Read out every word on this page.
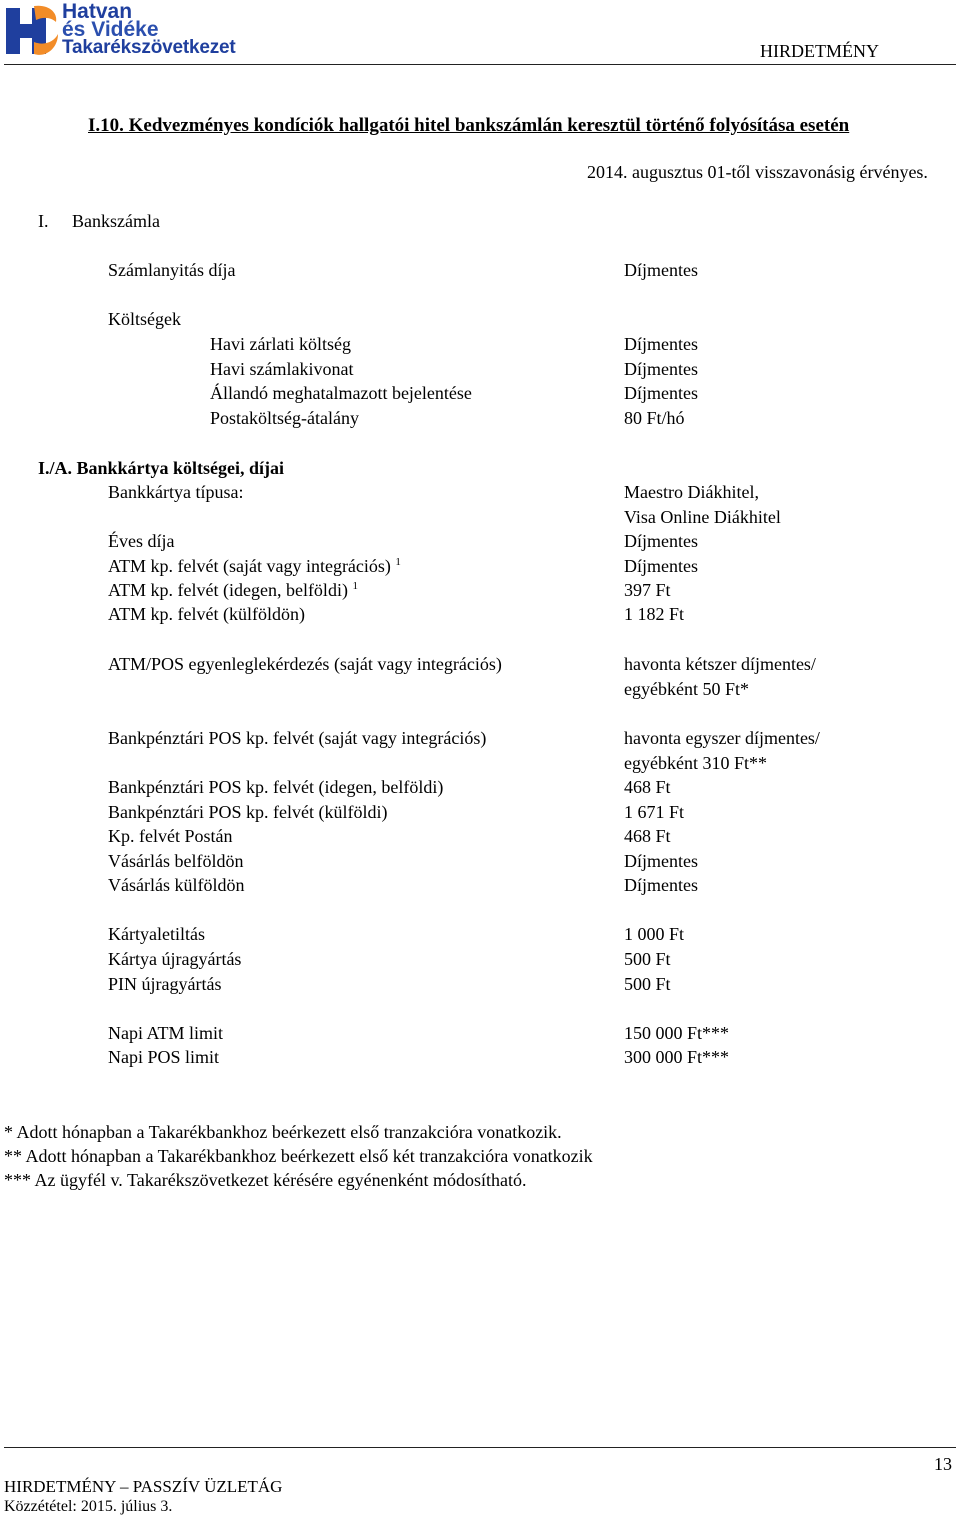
Hatvan
és Vidéke
Takarékszövetkezet	HIRDETMÉNY
I.10. Kedvezményes kondíciók hallgatói hitel bankszámlán keresztül történő folyósítása esetén
2014. augusztus 01-től visszavonásig érvényes.
I. Bankszámla
Számlanyitás díja	Díjmentes
Költségek
Havi zárlati költség	Díjmentes
Havi számlakivonat	Díjmentes
Állandó meghatalmazott bejelentése	Díjmentes
Postaköltség-átalány	80 Ft/hó
I./A. Bankkártya költségei, díjai
Bankkártya típusa:	Maestro Diákhitel,
Visa Online Diákhitel
Éves díja	Díjmentes
ATM kp. felvét (saját vagy integrációs) $^1$	Díjmentes
ATM kp. felvét (idegen, belföldi) $^1$	397 Ft
ATM kp. felvét (külföldön)	1 182 Ft
ATM/POS egyenleglekérdezés (saját vagy integrációs)	havonta kétszer díjmentes/
egyébként 50 Ft*
Bankpénztári POS kp. felvét (saját vagy integrációs)	havonta egyszer díjmentes/
egyébként 310 Ft**
Bankpénztári POS kp. felvét (idegen, belföldi)	468 Ft
Bankpénztári POS kp. felvét (külföldi)	1 671 Ft
Kp. felvét Postán	468 Ft
Vásárlás belföldön	Díjmentes
Vásárlás külföldön	Díjmentes
Kártyaletiltás	1 000 Ft
Kártya újragyártás	500 Ft
PIN újragyártás	500 Ft
Napi ATM limit	150 000 Ft***
Napi POS limit	300 000 Ft***
* Adott hónapban a Takarékbankhoz beérkezett első tranzakcióra vonatkozik.
** Adott hónapban a Takarékbankhoz beérkezett első két tranzakcióra vonatkozik
*** Az ügyfél v. Takarékszövetkezet kérésére egyénenként módosítható.
13
HIRDETMÉNY – PASSZÍV ÜZLETÁG
Közzététel: 2015. július 3.
